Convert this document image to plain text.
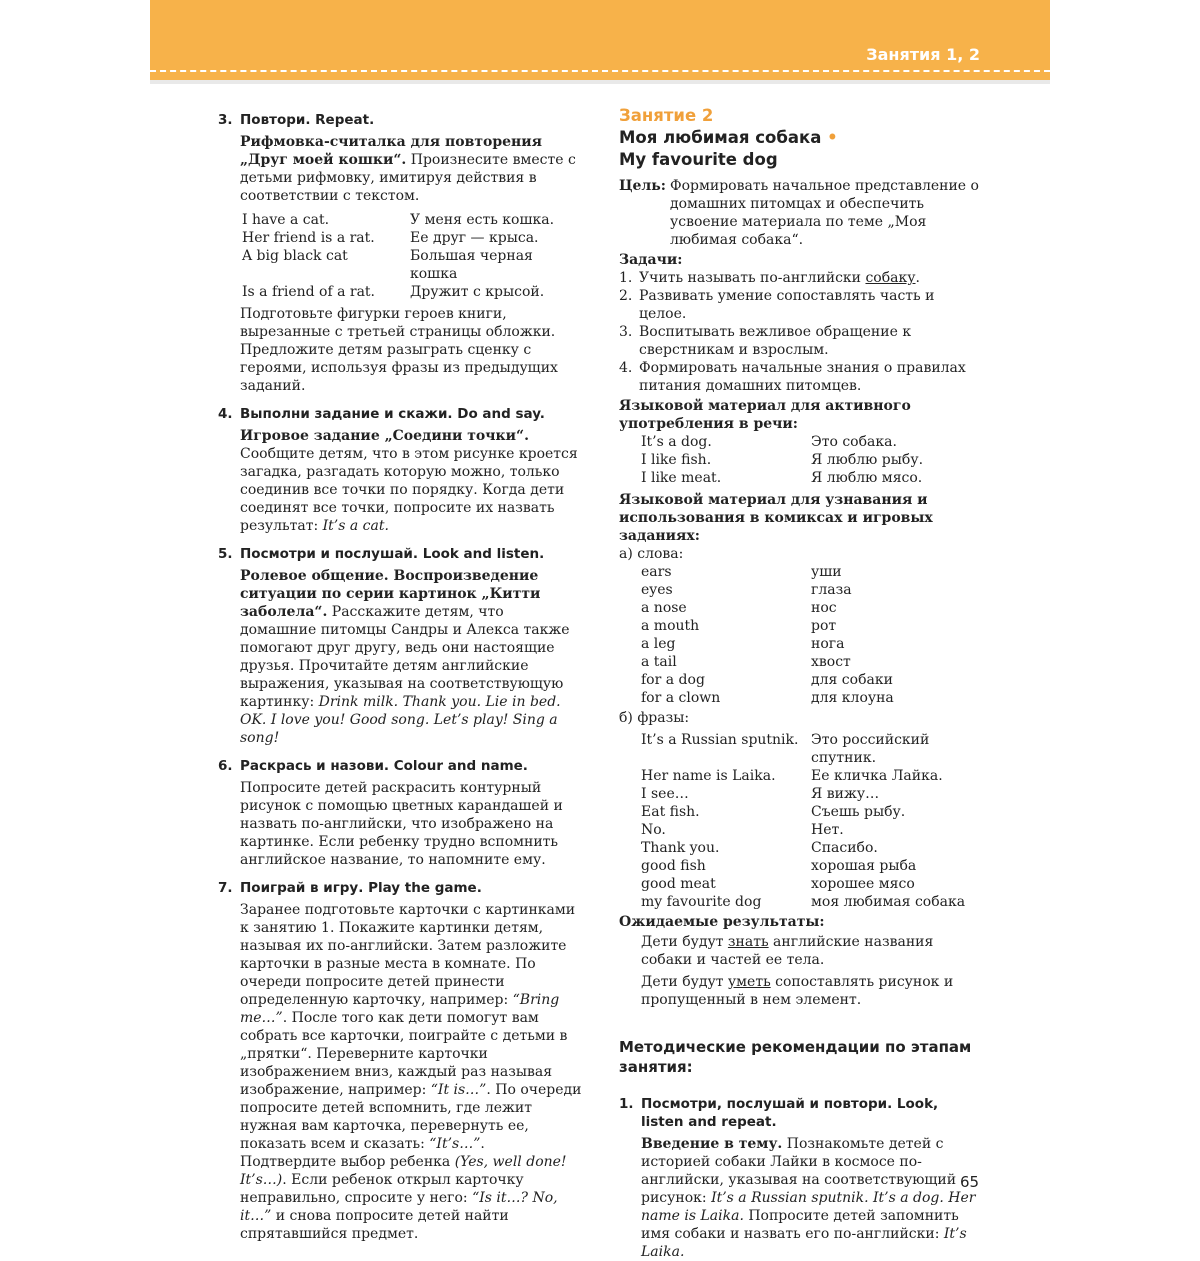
Занятия 1, 2
3. Повтори. Repeat.

Рифмовка-считалка для повторения „Друг моей кошки“. Произнесите вместе с детьми рифмовку, имитируя действия в соответствии с текстом.

I have a cat.	У меня есть кошка.
Her friend is a rat.	Ее друг — крыса.
A big black cat	Большая черная кошка
Is a friend of a rat.	Дружит с крысой.

Подготовьте фигурки героев книги, вырезанные с третьей страницы обложки. Предложите детям разыграть сценку с героями, используя фразы из предыдущих заданий.

4. Выполни задание и скажи. Do and say.

Игровое задание „Соедини точки“. Сообщите детям, что в этом рисунке кроется загадка, разгадать которую можно, только соединив все точки по порядку. Когда дети соединят все точки, попросите их назвать результат: It’s a cat.

5. Посмотри и послушай. Look and listen.

Ролевое общение. Воспроизведение ситуации по серии картинок „Китти заболела“. Расскажите детям, что домашние питомцы Сандры и Алекса также помогают друг другу, ведь они настоящие друзья. Прочитайте детям английские выражения, указывая на соответствующую картинку: Drink milk. Thank you. Lie in bed. OK. I love you! Good song. Let’s play! Sing a song!

6. Раскрась и назови. Colour and name.

Попросите детей раскрасить контурный рисунок с помощью цветных карандашей и назвать по-английски, что изображено на картинке. Если ребенку трудно вспомнить английское название, то напомните ему.

7. Поиграй в игру. Play the game.

Заранее подготовьте карточки с картинками к занятию 1. Покажите картинки детям, называя их по-английски. Затем разложите карточки в разные места в комнате. По очереди попросите детей принести определенную карточку, например: “Bring me…”. После того как дети помогут вам собрать все карточки, поиграйте с детьми в „прятки“. Переверните карточки изображением вниз, каждый раз называя изображение, например: “It is…”. По очереди попросите детей вспомнить, где лежит нужная вам карточка, перевернуть ее, показать всем и сказать: “It’s…”. Подтвердите выбор ребенка (Yes, well done! It’s…). Если ребенок открыл карточку неправильно, спросите у него: “Is it…? No, it…” и снова попросите детей найти спрятавшийся предмет.

Занятие 2
Моя любимая собака •
My favourite dog
Цель: Формировать начальное представление о домашних питомцах и обеспечить усвоение материала по теме „Моя любимая собака“.
Задачи:
1. Учить называть по-английски собаку.
2. Развивать умение сопоставлять часть и целое.
3. Воспитывать вежливое обращение к сверстникам и взрослым.
4. Формировать начальные знания о правилах питания домашних питомцев.
Языковой материал для активного употребления в речи:
It’s a dog.	Это собака.
I like fish.	Я люблю рыбу.
I like meat.	Я люблю мясо.
Языковой материал для узнавания и использования в комиксах и игровых заданиях:
а) слова:
ears	уши
eyes	глаза
a nose	нос
a mouth	рот
a leg	нога
a tail	хвост
for a dog	для собаки
for a clown	для клоуна
б) фразы:
It’s a Russian sputnik. Это российский спутник.
Her name is Laika.	Ее кличка Лайка.
I see…	Я вижу…
Eat fish.	Съешь рыбу.
No.	Нет.
Thank you.	Спасибо.
good fish	хорошая рыба
good meat	хорошее мясо
my favourite dog	моя любимая собака
Ожидаемые результаты:

Дети будут знать английские названия собаки и частей ее тела.

Дети будут уметь сопоставлять рисунок и пропущенный в нем элемент.

Методические рекомендации по этапам занятия:
1. Посмотри, послушай и повтори. Look, listen and repeat.

Введение в тему. Познакомьте детей с историей собаки Лайки в космосе по-английски, указывая на соответствующий рисунок: It’s a Russian sputnik. It’s a dog. Her name is Laika. Попросите детей запомнить имя собаки и назвать его по-английски: It’s Laika.

65
